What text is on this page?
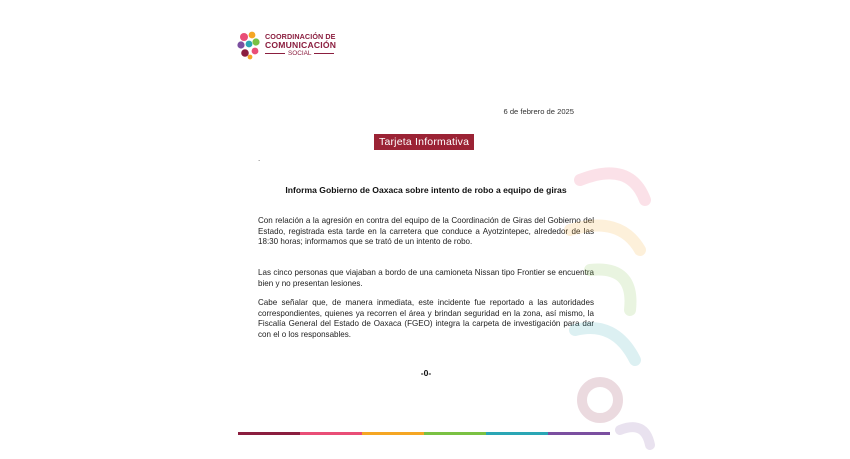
COORDINACIÓN DE
COMUNICACIÓN
SOCIAL
6 de febrero de 2025
Tarjeta Informativa
.
Informa Gobierno de Oaxaca sobre intento de robo a equipo de giras

Con relación a la agresión en contra del equipo de la Coordinación de Giras del Gobierno del Estado, registrada esta tarde en la carretera que conduce a Ayotzintepec, alrededor de las 18:30 horas; informamos que se trató de un intento de robo.

Las cinco personas que viajaban a bordo de una camioneta Nissan tipo Frontier se encuentra bien y no presentan lesiones.

Cabe señalar que, de manera inmediata, este incidente fue reportado a las autoridades correspondientes, quienes ya recorren el área y brindan seguridad en la zona, así mismo, la Fiscalía General del Estado de Oaxaca (FGEO) integra la carpeta de investigación para dar con el o los responsables.

-0-
